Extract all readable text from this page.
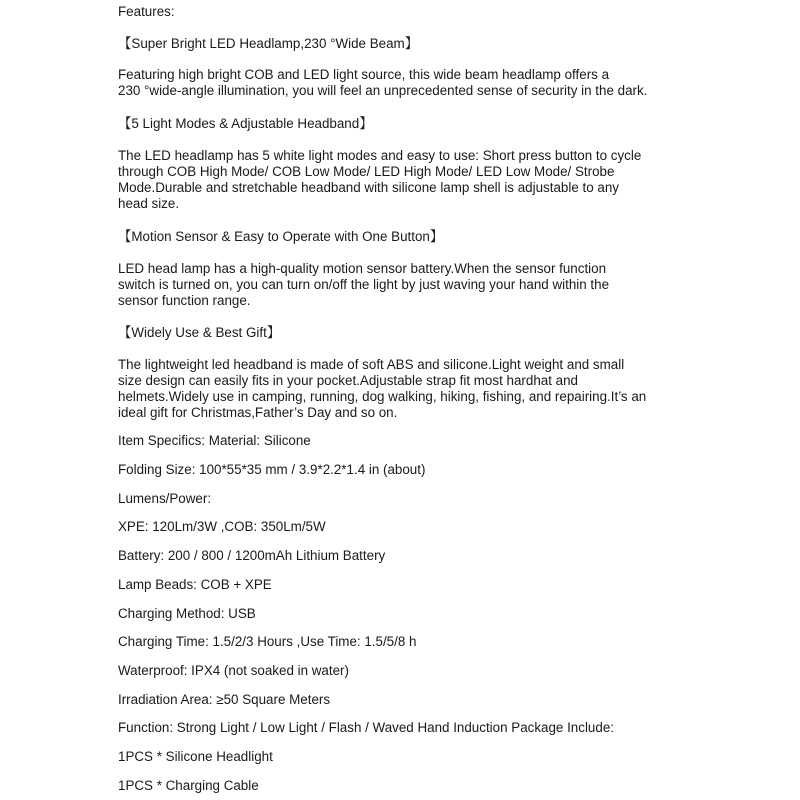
Features:
【Super Bright LED Headlamp,230 °Wide Beam】
Featuring high bright COB and LED light source, this wide beam headlamp offers a
230 °wide-angle illumination, you will feel an unprecedented sense of security in the dark.
【5 Light Modes & Adjustable Headband】
The LED headlamp has 5 white light modes and easy to use: Short press button to cycle
through COB High Mode/ COB Low Mode/ LED High Mode/ LED Low Mode/ Strobe
Mode.Durable and stretchable headband with silicone lamp shell is adjustable to any
head size.
【Motion Sensor & Easy to Operate with One Button】
LED head lamp has a high-quality motion sensor battery.When the sensor function
switch is turned on, you can turn on/off the light by just waving your hand within the
sensor function range.
【Widely Use & Best Gift】
The lightweight led headband is made of soft ABS and silicone.Light weight and small
size design can easily fits in your pocket.Adjustable strap fit most hardhat and
helmets.Widely use in camping, running, dog walking, hiking, fishing, and repairing.It’s an
ideal gift for Christmas,Father’s Day and so on.
Item Specifics: Material: Silicone
Folding Size: 100*55*35 mm / 3.9*2.2*1.4 in (about)
Lumens/Power:
XPE: 120Lm/3W ,COB: 350Lm/5W
Battery: 200 / 800 / 1200mAh Lithium Battery
Lamp Beads: COB + XPE
Charging Method: USB
Charging Time: 1.5/2/3 Hours ,Use Time: 1.5/5/8 h
Waterproof: IPX4 (not soaked in water)
Irradiation Area: ≥50 Square Meters
Function: Strong Light / Low Light / Flash / Waved Hand Induction Package Include:
1PCS * Silicone Headlight
1PCS * Charging Cable
